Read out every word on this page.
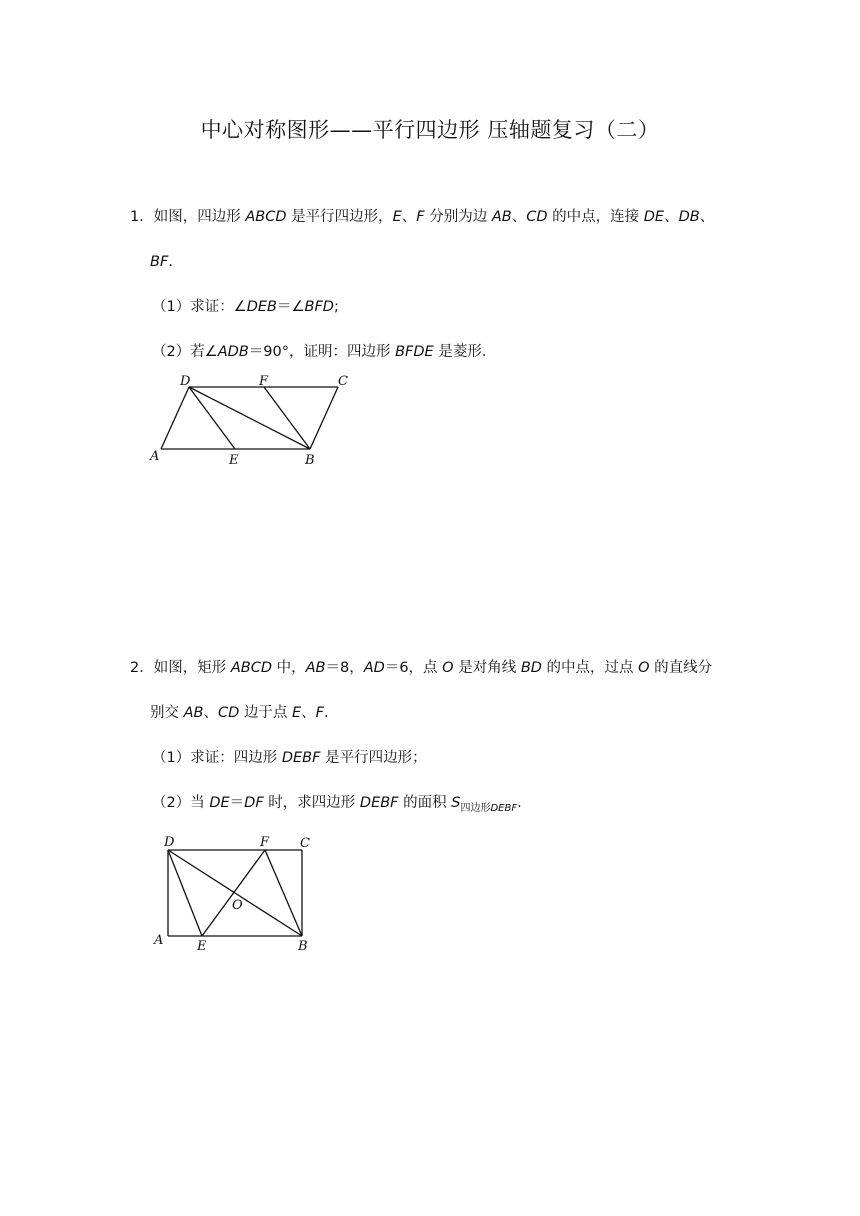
中心对称图形——平行四边形 压轴题复习（二）
1．如图，四边形 ABCD 是平行四边形，E、F 分别为边 AB、CD 的中点，连接 DE、DB、
BF.
（1）求证：∠DEB＝∠BFD;
（2）若∠ADB＝90°，证明：四边形 BFDE 是菱形．
D	F	C
A	E	B
2．如图，矩形 ABCD 中，AB＝8，AD＝6，点 O 是对角线 BD 的中点，过点 O 的直线分
别交 AB、CD 边于点 E、F.
（1）求证：四边形 DEBF 是平行四边形；
（2）当 DE＝DF 时，求四边形 DEBF 的面积 $S_{四边形DEBF}$.
D	F C
O
A	E	B
